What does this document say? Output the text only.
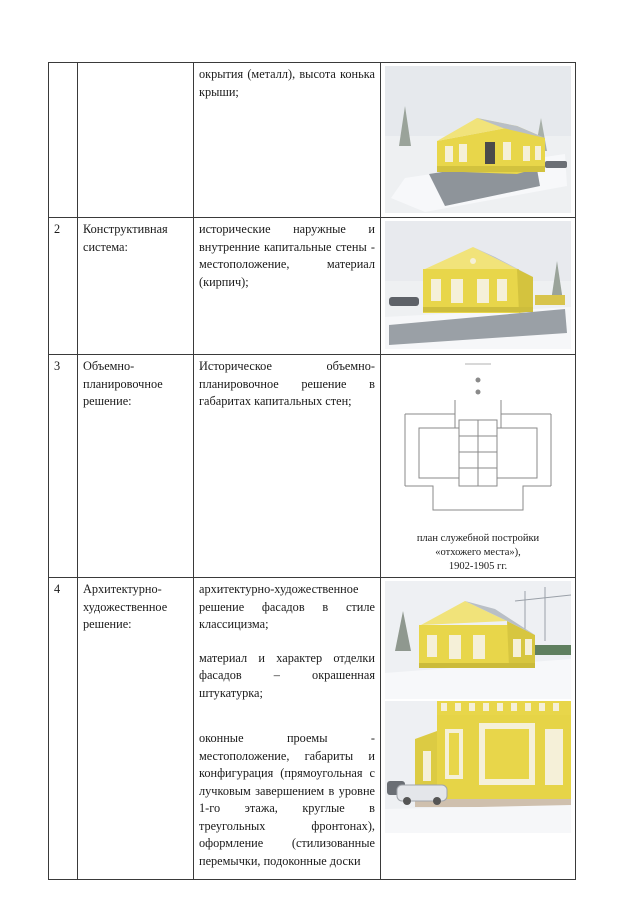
		окрытия (металл), высота конька крыши;

2	Конструктивная система:	исторические наружные и внутренние капитальные стены - местоположение, материал (кирпич);

3	Объемно-планировочное решение:	Историческое объемно-планировочное решение в габаритах капитальных стен;	план служебной постройки
«отхожего места»),
1902-1905 гг.

4	Архитектурно-художественное решение:	архитектурно-художественное решение фасадов в стиле классицизма;

материал и характер отделки фасадов – окрашенная штукатурка;

оконные проемы - местоположение, габариты и конфигурация (прямоугольная с лучковым завершением в уровне 1-го этажа, круглые в треугольных фронтонах), оформление (стилизованные перемычки, подоконные доски
